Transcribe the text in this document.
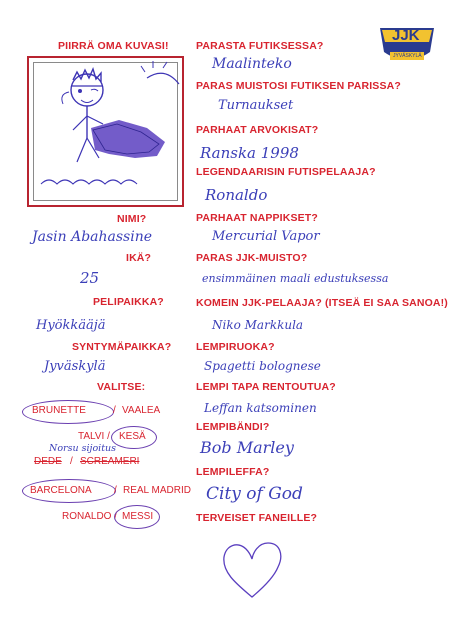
JJK
JYVÄSKYLÄ
PIIRRÄ OMA KUVASI!
NIMI?
Jasin Abahassine
IKÄ?
25
PELIPAIKKA?
Hyökkääjä
SYNTYMÄPAIKKA?
Jyväskylä
VALITSE:
BRUNETTE	/ VAALEA
TALVI / KESÄ
Norsu sijoitus
DEDE / SCREAMERI
BARCELONA / REAL MADRID
RONALDO / MESSI
PARASTA FUTIKSESSA?
Maalinteko
PARAS MUISTOSI FUTIKSEN PARISSA?
Turnaukset
PARHAAT ARVOKISAT?
Ranska 1998
LEGENDAARISIN FUTISPELAAJA?
Ronaldo
PARHAAT NAPPIKSET?
Mercurial Vapor
PARAS JJK-MUISTO?
ensimmäinen maali edustuksessa
KOMEIN JJK-PELAAJA? (ITSEÄ EI SAA SANOA!)
Niko Markkula
LEMPIRUOKA?
Spagetti bolognese
LEMPI TAPA RENTOUTUA?
Leffan katsominen
LEMPIBÄNDI?
Bob Marley
LEMPILEFFA?
City of God
TERVEISET FANEILLE?
